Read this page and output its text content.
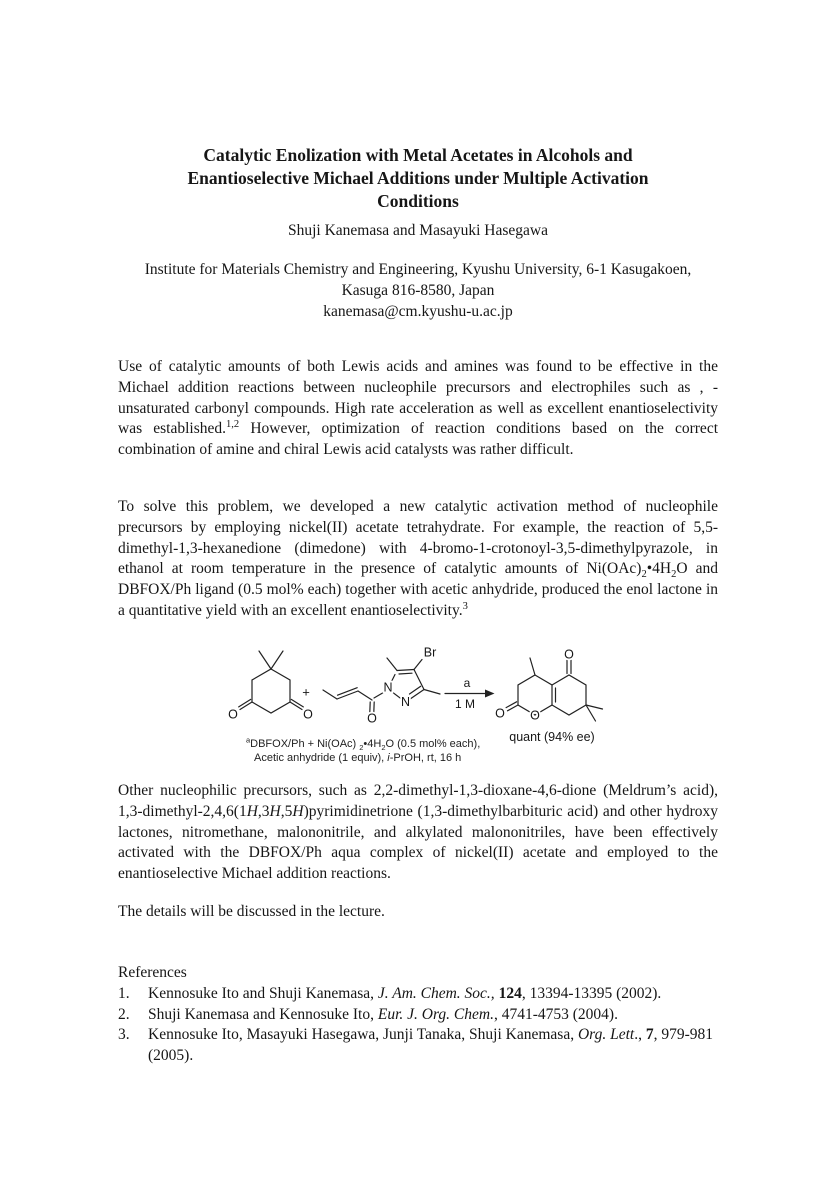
Catalytic Enolization with Metal Acetates in Alcohols and
Enantioselective Michael Additions under Multiple Activation
Conditions
Shuji Kanemasa and Masayuki Hasegawa
Institute for Materials Chemistry and Engineering, Kyushu University, 6-1 Kasugakoen,
Kasuga 816-8580, Japan
kanemasa@cm.kyushu-u.ac.jp

Use of catalytic amounts of both Lewis acids and amines was found to be effective in the Michael addition reactions between nucleophile precursors and electrophiles such as , -unsaturated carbonyl compounds. High rate acceleration as well as excellent enantioselectivity was established.$^{1,2}$ However, optimization of reaction conditions based on the correct combination of amine and chiral Lewis acid catalysts was rather difficult.

To solve this problem, we developed a new catalytic activation method of nucleophile precursors by employing nickel(II) acetate tetrahydrate. For example, the reaction of 5,5-dimethyl-1,3-hexanedione (dimedone) with 4-bromo-1-crotonoyl-3,5-dimethylpyrazole, in ethanol at room temperature in the presence of catalytic amounts of $Ni(OAc)_2•4H_2O$ and DBFOX/Ph ligand (0.5 mol% each) together with acetic anhydride, produced the enol lactone in a quantitative yield with an excellent enantioselectivity.$^3$

O	O
+
O
N
N
Br
a
1 M
O O
O
quant (94% ee)
$^a$DBFOX/Ph + Ni(OAc) $_2•4H_2O$ (0.5 mol% each),
Acetic anhydride (1 equiv), i-PrOH, rt, 16 h

Other nucleophilic precursors, such as 2,2-dimethyl-1,3-dioxane-4,6-dione (Meldrum’s acid), 1,3-dimethyl-2,4,6(1H,3H,5H)pyrimidinetrione (1,3-dimethylbarbituric acid) and other hydroxy lactones, nitromethane, malononitrile, and alkylated malononitriles, have been effectively activated with the DBFOX/Ph aqua complex of nickel(II) acetate and employed to the enantioselective Michael addition reactions.

The details will be discussed in the lecture.

References
1.	Kennosuke Ito and Shuji Kanemasa, J. Am. Chem. Soc., 124, 13394-13395 (2002).
2.	Shuji Kanemasa and Kennosuke Ito, Eur. J. Org. Chem., 4741-4753 (2004).
3.	Kennosuke Ito, Masayuki Hasegawa, Junji Tanaka, Shuji Kanemasa, Org. Lett., 7, 979-981 (2005).
